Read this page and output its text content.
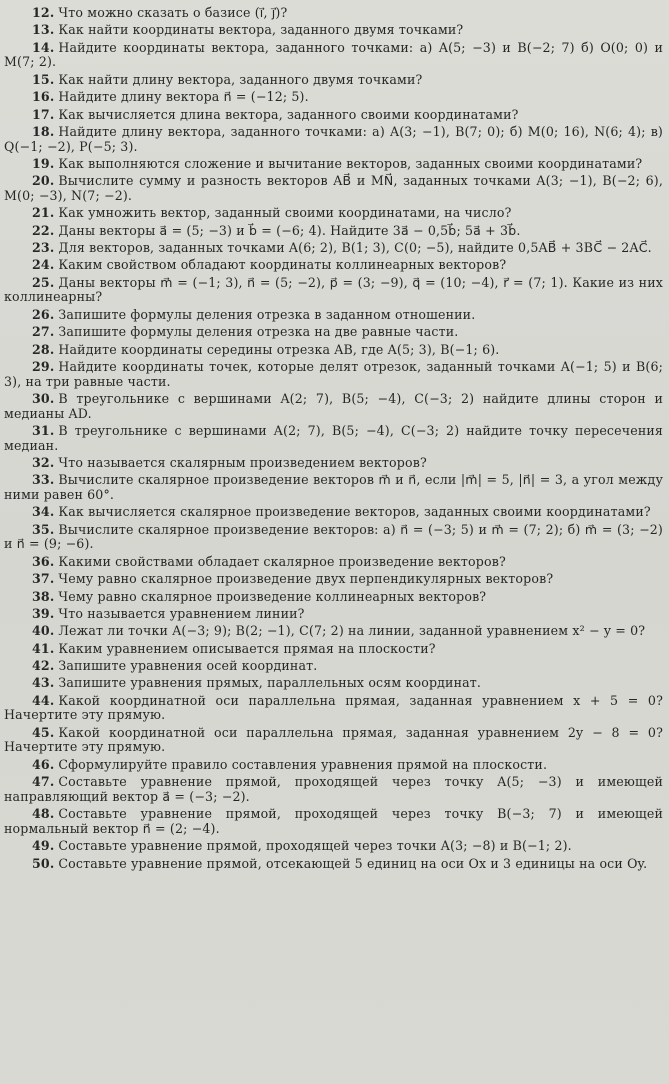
12. Что можно сказать о базисе (i⃗, j⃗)?

13. Как найти координаты вектора, заданного двумя точками?

14. Найдите координаты вектора, заданного точками: а) A(5; −3) и B(−2; 7) б) O(0; 0) и M(7; 2).

15. Как найти длину вектора, заданного двумя точками?

16. Найдите длину вектора n⃗ = (−12; 5).

17. Как вычисляется длина вектора, заданного своими координатами?

18. Найдите длину вектора, заданного точками: а) A(3; −1), B(7; 0); б) M(0; 16), N(6; 4); в) Q(−1; −2), P(−5; 3).

19. Как выполняются сложение и вычитание векторов, заданных своими координатами?

20. Вычислите сумму и разность векторов AB⃗ и MN⃗, заданных точками A(3; −1), B(−2; 6), M(0; −3), N(7; −2).

21. Как умножить вектор, заданный своими координатами, на число?

22. Даны векторы a⃗ = (5; −3) и b⃗ = (−6; 4). Найдите 3a⃗ − 0,5b⃗; 5a⃗ + 3b⃗.

23. Для векторов, заданных точками A(6; 2), B(1; 3), C(0; −5), найдите 0,5AB⃗ + 3BC⃗ − 2AC⃗.

24. Каким свойством обладают координаты коллинеарных векторов?

25. Даны векторы m⃗ = (−1; 3), n⃗ = (5; −2), p⃗ = (3; −9), q⃗ = (10; −4), r⃗ = (7; 1). Какие из них коллинеарны?

26. Запишите формулы деления отрезка в заданном отношении.

27. Запишите формулы деления отрезка на две равные части.

28. Найдите координаты середины отрезка AB, где A(5; 3), B(−1; 6).

29. Найдите координаты точек, которые делят отрезок, заданный точками A(−1; 5) и B(6; 3), на три равные части.

30. В треугольнике с вершинами A(2; 7), B(5; −4), C(−3; 2) найдите длины сторон и медианы AD.

31. В треугольнике с вершинами A(2; 7), B(5; −4), C(−3; 2) найдите точку пересечения медиан.

32. Что называется скалярным произведением векторов?

33. Вычислите скалярное произведение векторов m⃗ и n⃗, если |m⃗| = 5, |n⃗| = 3, а угол между ними равен 60°.

34. Как вычисляется скалярное произведение векторов, заданных своими координатами?

35. Вычислите скалярное произведение векторов: а) n⃗ = (−3; 5) и m⃗ = (7; 2); б) m⃗ = (3; −2) и n⃗ = (9; −6).

36. Какими свойствами обладает скалярное произведение векторов?

37. Чему равно скалярное произведение двух перпендикулярных векторов?

38. Чему равно скалярное произведение коллинеарных векторов?

39. Что называется уравнением линии?

40. Лежат ли точки A(−3; 9); B(2; −1), C(7; 2) на линии, заданной уравнением x² − y = 0?

41. Каким уравнением описывается прямая на плоскости?

42. Запишите уравнения осей координат.

43. Запишите уравнения прямых, параллельных осям координат.

44. Какой координатной оси параллельна прямая, заданная уравнением x + 5 = 0? Начертите эту прямую.

45. Какой координатной оси параллельна прямая, заданная уравнением 2y − 8 = 0? Начертите эту прямую.

46. Сформулируйте правило составления уравнения прямой на плоскости.

47. Составьте уравнение прямой, проходящей через точку A(5; −3) и имеющей направляющий вектор a⃗ = (−3; −2).

48. Составьте уравнение прямой, проходящей через точку B(−3; 7) и имеющей нормальный вектор n⃗ = (2; −4).

49. Составьте уравнение прямой, проходящей через точки A(3; −8) и B(−1; 2).

50. Составьте уравнение прямой, отсекающей 5 единиц на оси Ox и 3 единицы на оси Oy.
